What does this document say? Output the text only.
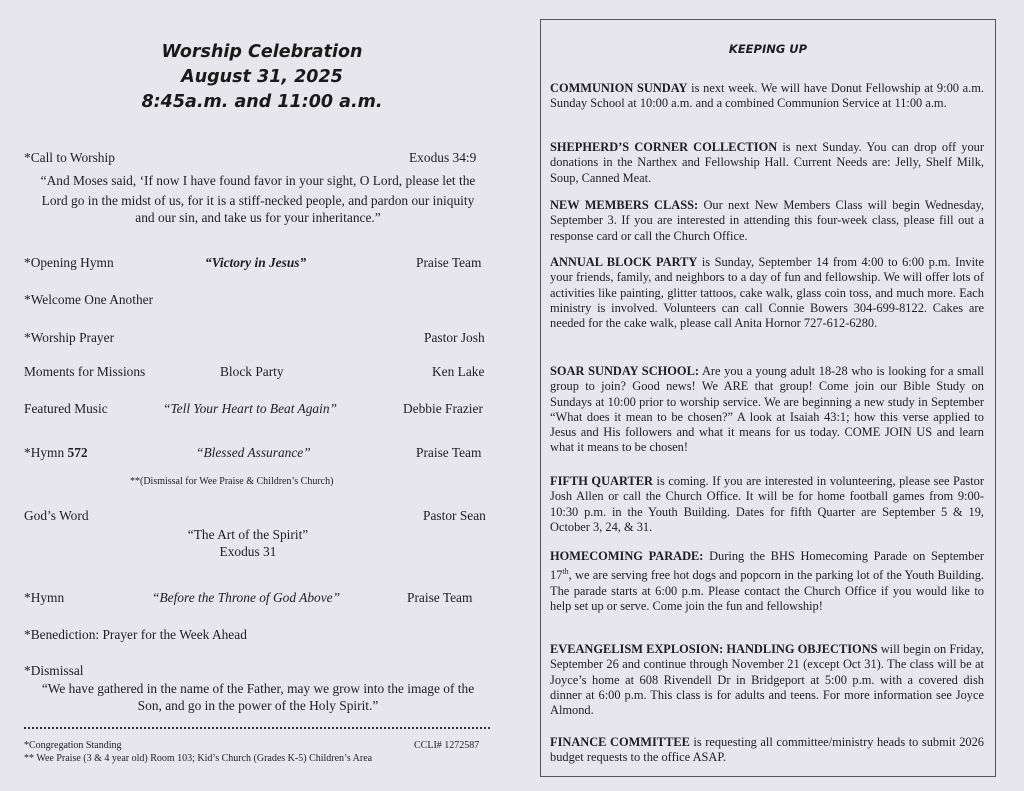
Worship Celebration
August 31, 2025
8:45a.m. and 11:00 a.m.
*Call to Worship	Exodus 34:9
“And Moses said, ‘If now I have found favor in your sight, O Lord, please let the
Lord go in the midst of us, for it is a stiff-necked people, and pardon our iniquity
and our sin, and take us for your inheritance.”
*Opening Hymn	“Victory in Jesus”	Praise Team
*Welcome One Another
*Worship Prayer	Pastor Josh
Moments for Missions	Block Party	Ken Lake
Featured Music	“Tell Your Heart to Beat Again”	Debbie Frazier
*Hymn 572	“Blessed Assurance”	Praise Team
**(Dismissal for Wee Praise & Children’s Church)
God’s Word	Pastor Sean
“The Art of the Spirit”
Exodus 31
*Hymn	“Before the Throne of God Above”	Praise Team
*Benediction: Prayer for the Week Ahead
*Dismissal
“We have gathered in the name of the Father, may we grow into the image of the
Son, and go in the power of the Holy Spirit.”
*Congregation Standing	CCLI# 1272587
** Wee Praise (3 & 4 year old) Room 103; Kid’s Church (Grades K-5) Children’s Area
KEEPING UP
COMMUNION SUNDAY is next week. We will have Donut Fellowship at 9:00 a.m. Sunday School at 10:00 a.m. and a combined Communion Service at 11:00 a.m.
SHEPHERD’S CORNER COLLECTION is next Sunday. You can drop off your donations in the Narthex and Fellowship Hall. Current Needs are: Jelly, Shelf Milk, Soup, Canned Meat.
NEW MEMBERS CLASS: Our next New Members Class will begin Wednesday, September 3. If you are interested in attending this four-week class, please fill out a response card or call the Church Office.
ANNUAL BLOCK PARTY is Sunday, September 14 from 4:00 to 6:00 p.m. Invite your friends, family, and neighbors to a day of fun and fellowship. We will offer lots of activities like painting, glitter tattoos, cake walk, glass coin toss, and much more. Each ministry is involved. Volunteers can call Connie Bowers 304-699-8122. Cakes are needed for the cake walk, please call Anita Hornor 727-612-6280.
SOAR SUNDAY SCHOOL: Are you a young adult 18-28 who is looking for a small group to join? Good news! We ARE that group! Come join our Bible Study on Sundays at 10:00 prior to worship service. We are beginning a new study in September “What does it mean to be chosen?” A look at Isaiah 43:1; how this verse applied to Jesus and His followers and what it means for us today. COME JOIN US and learn what it means to be chosen!
FIFTH QUARTER is coming. If you are interested in volunteering, please see Pastor Josh Allen or call the Church Office. It will be for home football games from 9:00-10:30 p.m. in the Youth Building. Dates for fifth Quarter are September 5 & 19, October 3, 24, & 31.
HOMECOMING PARADE: During the BHS Homecoming Parade on September 17th, we are serving free hot dogs and popcorn in the parking lot of the Youth Building. The parade starts at 6:00 p.m. Please contact the Church Office if you would like to help set up or serve. Come join the fun and fellowship!
EVEANGELISM EXPLOSION: HANDLING OBJECTIONS will begin on Friday, September 26 and continue through November 21 (except Oct 31). The class will be at Joyce’s home at 608 Rivendell Dr in Bridgeport at 5:00 p.m. with a covered dish dinner at 6:00 p.m. This class is for adults and teens. For more information see Joyce Almond.
FINANCE COMMITTEE is requesting all committee/ministry heads to submit 2026 budget requests to the office ASAP.
